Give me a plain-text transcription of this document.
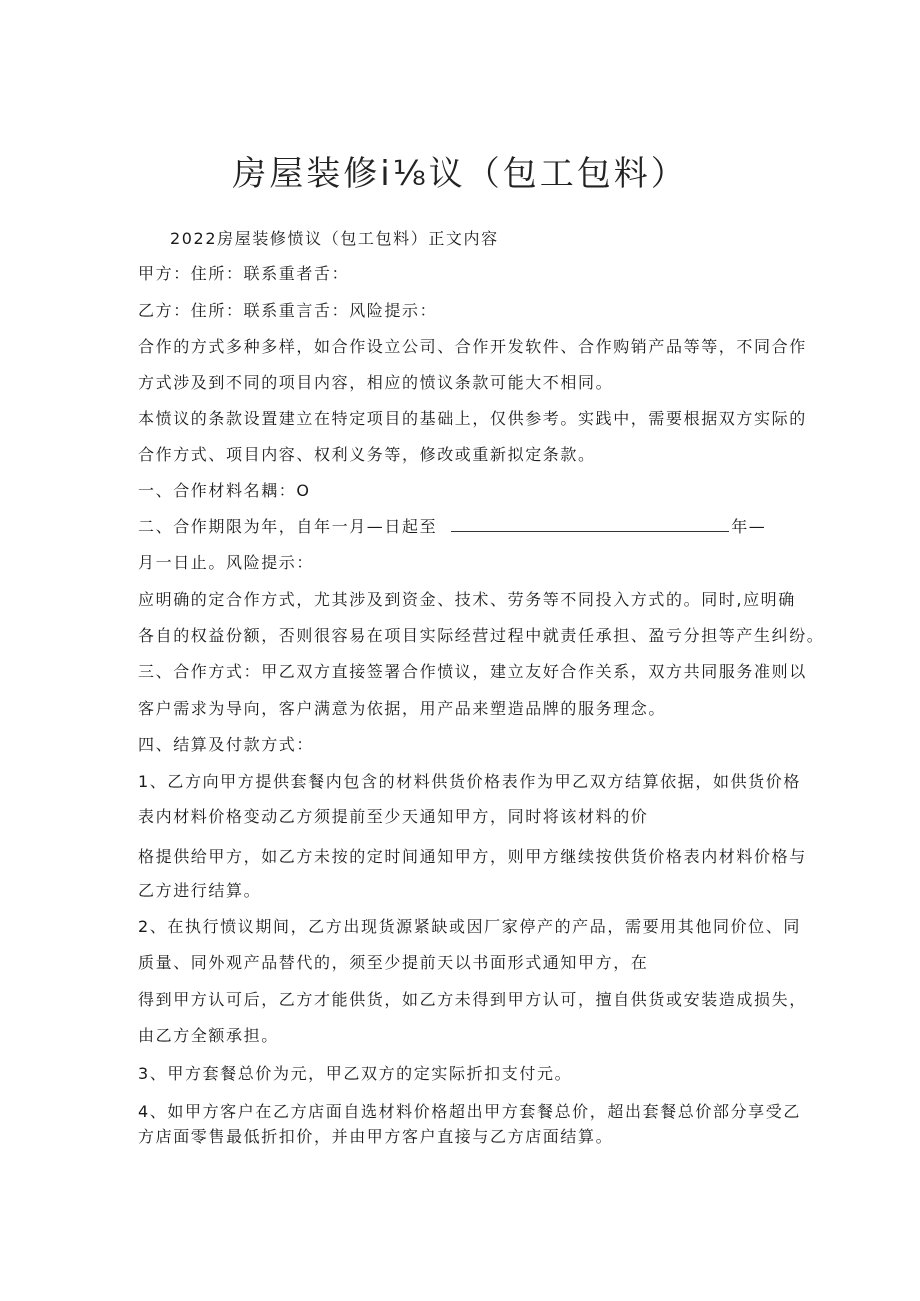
房屋装修i⅛议（包工包料）
2022房屋装修愤议（包工包料）正文内容
甲方：住所：联系重者舌：
乙方：住所：联系重言舌：风险提示：
合作的方式多种多样，如合作设立公司、合作开发软件、合作购销产品等等，不同合作
方式涉及到不同的项目内容，相应的愤议条款可能大不相同。
本愤议的条款设置建立在特定项目的基础上，仅供参考。实践中，需要根据双方实际的
合作方式、项目内容、权利义务等，修改或重新拟定条款。
一、合作材料名耦：O
二、合作期限为年，自年一月—日起至	年—
月一日止。风险提示：
应明确的定合作方式，尤其涉及到资金、技术、劳务等不同投入方式的。同时,应明确
各自的权益份额，否则很容易在项目实际经营过程中就责任承担、盈亏分担等产生纠纷。
三、合作方式：甲乙双方直接签署合作愤议，建立友好合作关系，双方共同服务准则以
客户需求为导向，客户满意为依据，用产品来塑造品牌的服务理念。
四、结算及付款方式：
1、乙方向甲方提供套餐内包含的材料供货价格表作为甲乙双方结算依据，如供货价格
表内材料价格变动乙方须提前至少天通知甲方，同时将该材料的价
格提供给甲方，如乙方未按的定时间通知甲方，则甲方继续按供货价格表内材料价格与
乙方进行结算。
2、在执行愤议期间，乙方出现货源紧缺或因厂家停产的产品，需要用其他同价位、同
质量、同外观产品替代的，须至少提前天以书面形式通知甲方，在
得到甲方认可后，乙方才能供货，如乙方未得到甲方认可，擅自供货或安装造成损失，
由乙方全额承担。
3、甲方套餐总价为元，甲乙双方的定实际折扣支付元。
4、如甲方客户在乙方店面自选材料价格超出甲方套餐总价，超出套餐总价部分享受乙
方店面零售最低折扣价，并由甲方客户直接与乙方店面结算。
